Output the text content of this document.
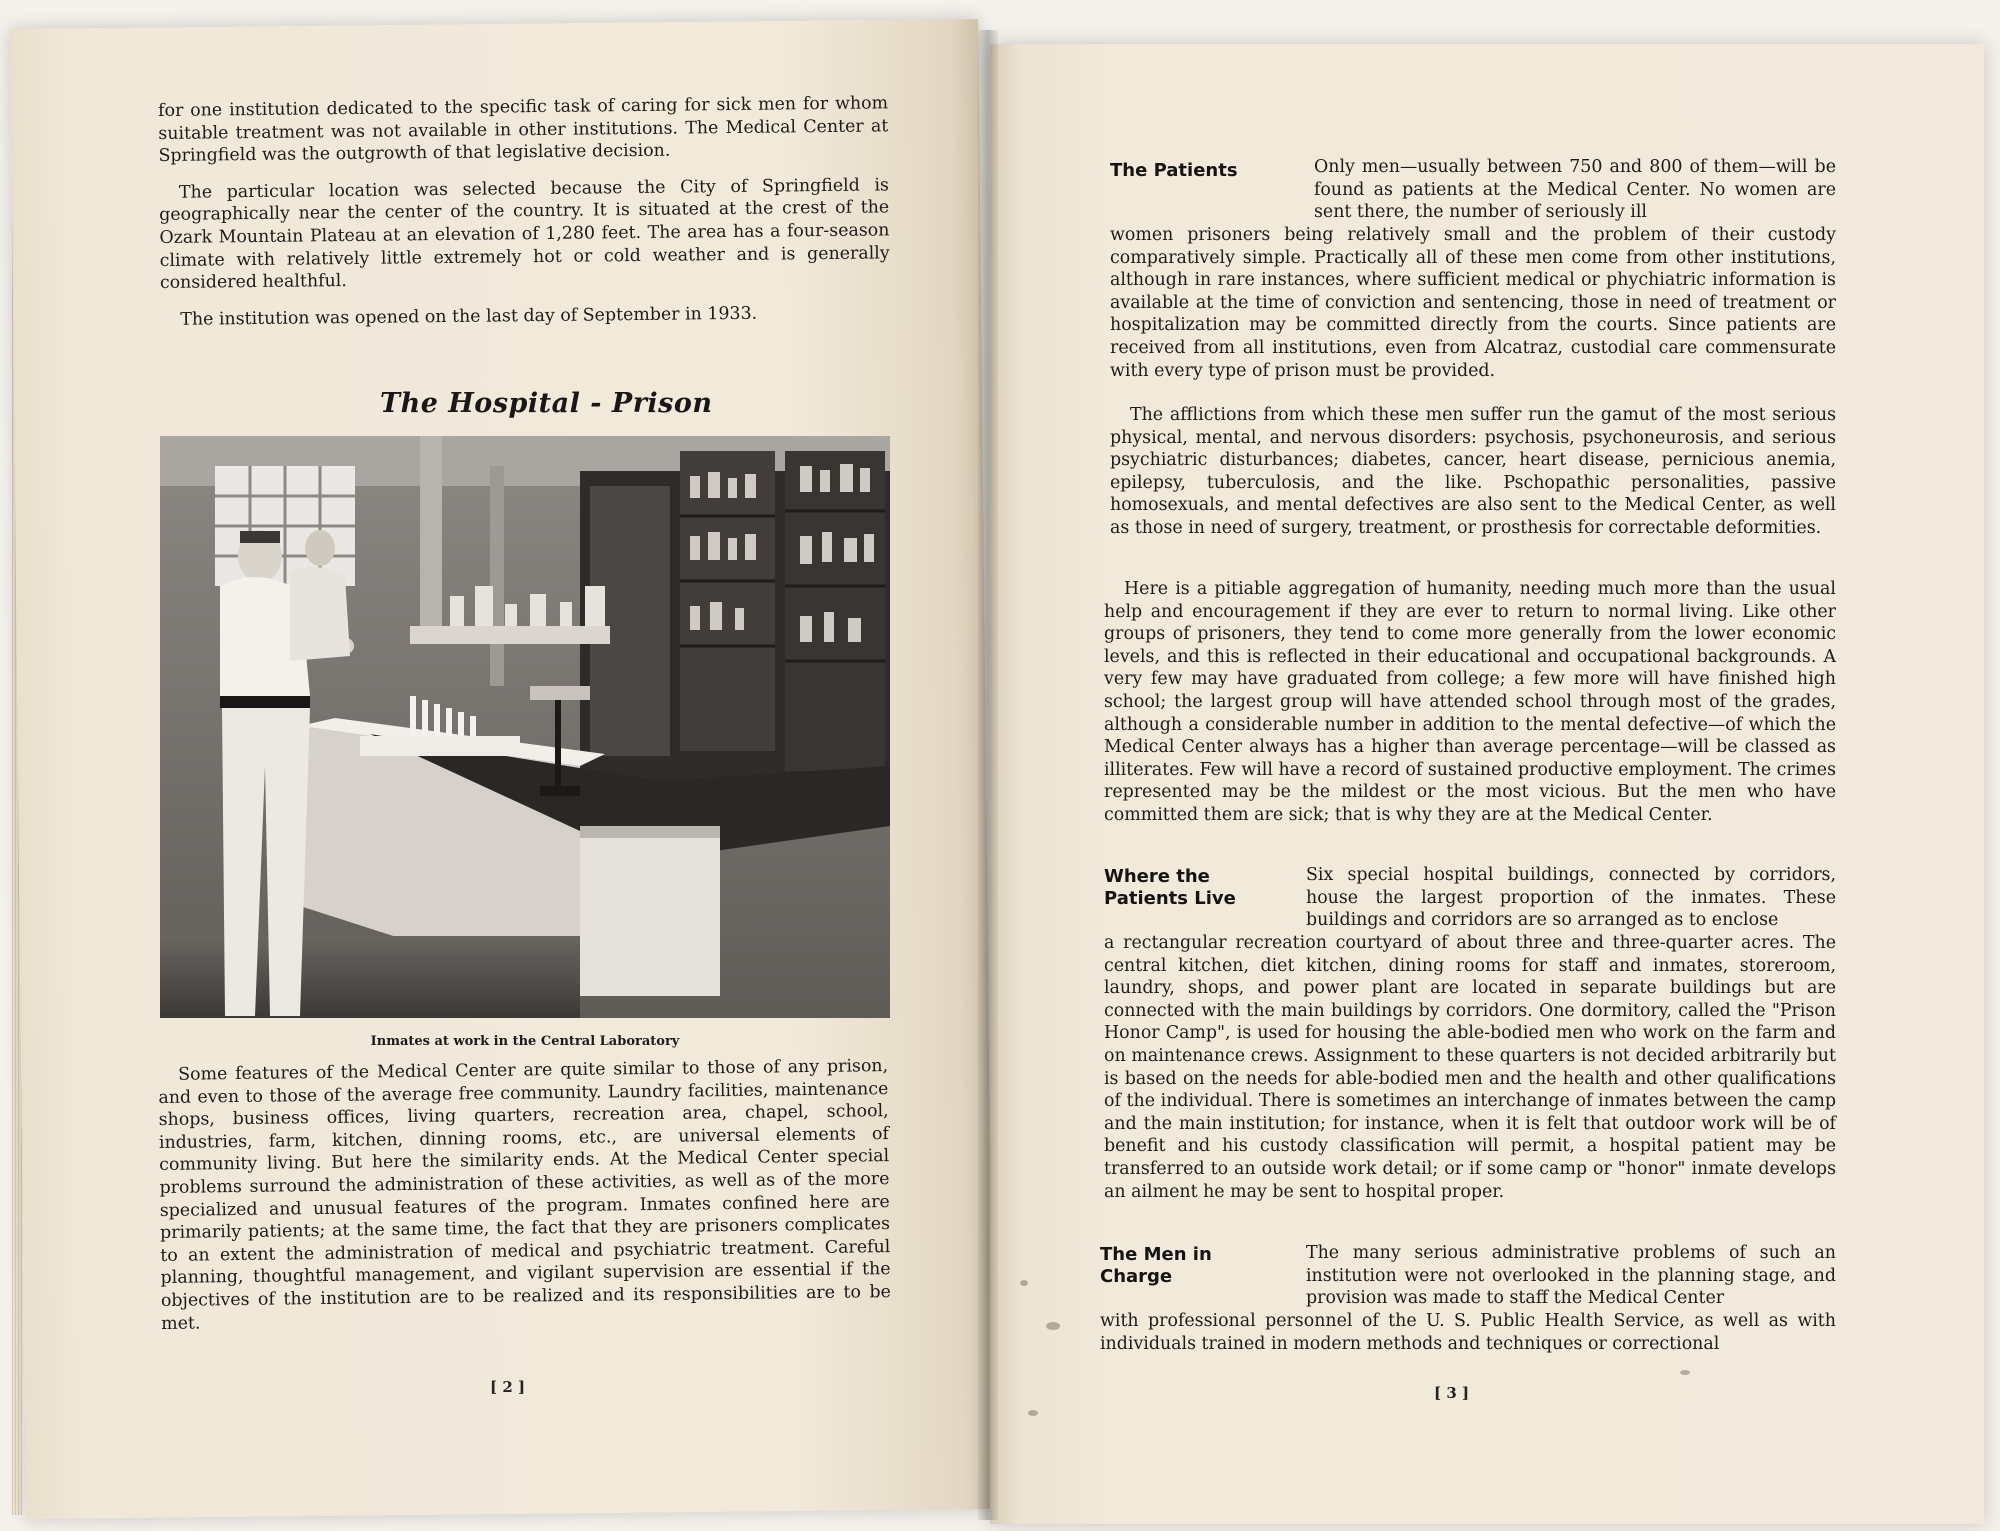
for one institution dedicated to the specific task of caring for sick men for whom suitable treatment was not available in other institutions. The Medical Center at Springfield was the outgrowth of that legislative decision.

The particular location was selected because the City of Springfield is geographically near the center of the country. It is situated at the crest of the Ozark Mountain Plateau at an elevation of 1,280 feet. The area has a four-season climate with relatively little extremely hot or cold weather and is generally considered healthful.

The institution was opened on the last day of September in 1933.

The Hospital - Prison
Inmates at work in the Central Laboratory

Some features of the Medical Center are quite similar to those of any prison, and even to those of the average free community. Laundry facilities, maintenance shops, business offices, living quarters, recreation area, chapel, school, industries, farm, kitchen, dinning rooms, etc., are universal elements of community living. But here the similarity ends. At the Medical Center special problems surround the administration of these activities, as well as of the more specialized and unusual features of the program. Inmates confined here are primarily patients; at the same time, the fact that they are prisoners complicates to an extent the administration of medical and psychiatric treatment. Careful planning, thoughtful management, and vigilant supervision are essential if the objectives of the institution are to be realized and its responsibilities are to be met.

[ 2 ]
The Patients	Only men—usually between 750 and 800 of them—will be found as patients at the Medical Center. No women are sent there, the number of seriously ill
women prisoners being relatively small and the problem of their custody comparatively simple. Practically all of these men come from other institutions, although in rare instances, where sufficient medical or phychiatric information is available at the time of conviction and sentencing, those in need of treatment or hospitalization may be committed directly from the courts. Since patients are received from all institutions, even from Alcatraz, custodial care commensurate with every type of prison must be provided.
The afflictions from which these men suffer run the gamut of the most serious physical, mental, and nervous disorders: psychosis, psychoneurosis, and serious psychiatric disturbances; diabetes, cancer, heart disease, pernicious anemia, epilepsy, tuberculosis, and the like. Pschopathic personalities, passive homosexuals, and mental defectives are also sent to the Medical Center, as well as those in need of surgery, treatment, or prosthesis for correctable deformities.
Here is a pitiable aggregation of humanity, needing much more than the usual help and encouragement if they are ever to return to normal living. Like other groups of prisoners, they tend to come more generally from the lower economic levels, and this is reflected in their educational and occupational backgrounds. A very few may have graduated from college; a few more will have finished high school; the largest group will have attended school through most of the grades, although a considerable number in addition to the mental defective—of which the Medical Center always has a higher than average percentage—will be classed as illiterates. Few will have a record of sustained productive employment. The crimes represented may be the mildest or the most vicious. But the men who have committed them are sick; that is why they are at the Medical Center.
Where the
Patients Live
Six special hospital buildings, connected by corridors, house the largest proportion of the inmates. These buildings and corridors are so arranged as to enclose
a rectangular recreation courtyard of about three and three-quarter acres. The central kitchen, diet kitchen, dining rooms for staff and inmates, storeroom, laundry, shops, and power plant are located in separate buildings but are connected with the main buildings by corridors. One dormitory, called the "Prison Honor Camp", is used for housing the able-bodied men who work on the farm and on maintenance crews. Assignment to these quarters is not decided arbitrarily but is based on the needs for able-bodied men and the health and other qualifications of the individual. There is sometimes an interchange of inmates between the camp and the main institution; for instance, when it is felt that outdoor work will be of benefit and his custody classification will permit, a hospital patient may be transferred to an outside work detail; or if some camp or "honor" inmate develops an ailment he may be sent to hospital proper.
The Men in
Charge
The many serious administrative problems of such an institution were not overlooked in the planning stage, and provision was made to staff the Medical Center
with professional personnel of the U. S. Public Health Service, as well as with individuals trained in modern methods and techniques or correctional
[ 3 ]
